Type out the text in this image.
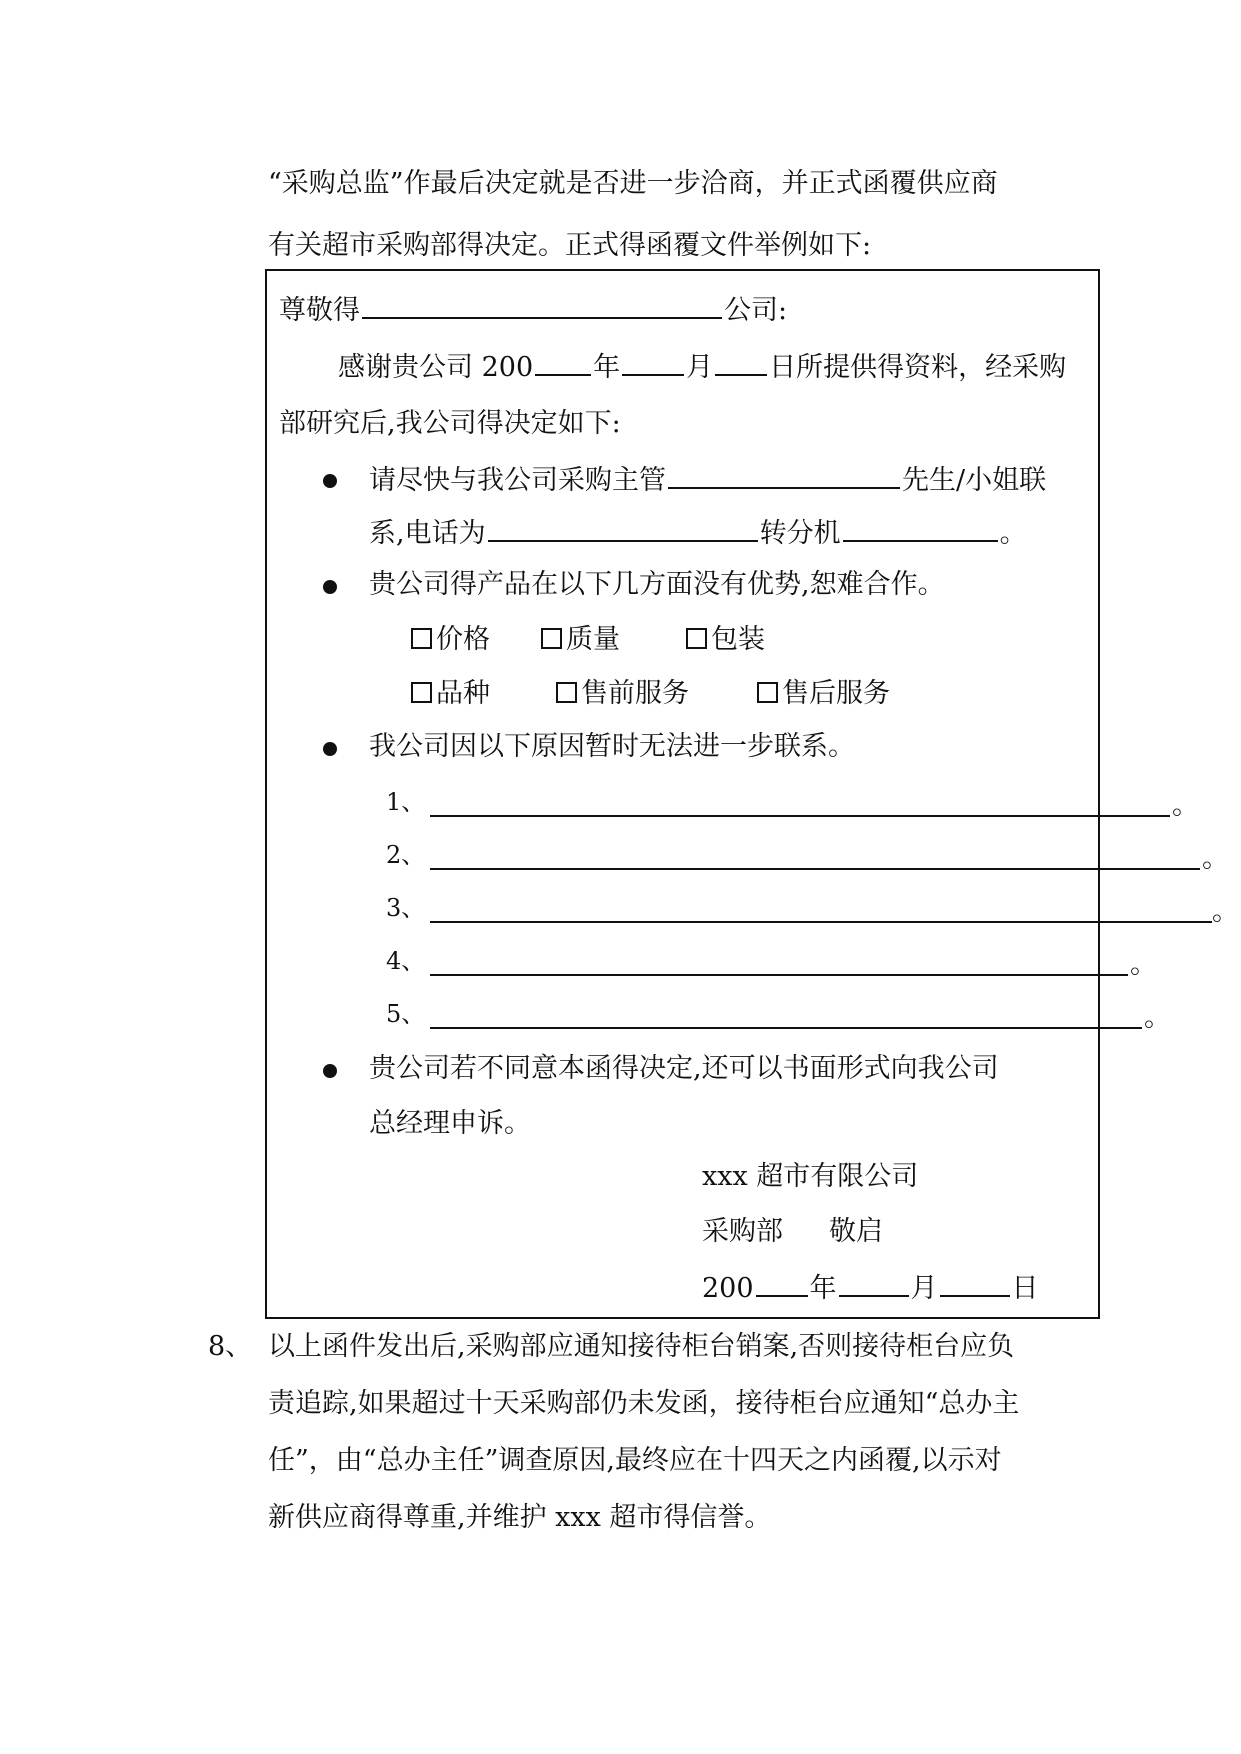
“采购总监”作最后决定就是否进一步洽商，并正式函覆供应商
有关超市采购部得决定。正式得函覆文件举例如下:
尊敬得	公司:
感谢贵公司 200 年 月 日所提供得资料，经采购
部研究后,我公司得决定如下:
请尽快与我公司采购主管	先生/小姐联
系,电话为	转分机	。
贵公司得产品在以下几方面没有优势,恕难合作。
价格	质量	包装
品种	售前服务	售后服务
我公司因以下原因暂时无法进一步联系。
1、	。
2、	。
3、	。
4、	。
5、	。
贵公司若不同意本函得决定,还可以书面形式向我公司
总经理申诉。
xxx 超市有限公司
采购部 敬启
200 年	月	日
8、 以上函件发出后,采购部应通知接待柜台销案,否则接待柜台应负
责追踪,如果超过十天采购部仍未发函，接待柜台应通知“总办主
任”，由“总办主任”调查原因,最终应在十四天之内函覆,以示对
新供应商得尊重,并维护 xxx 超市得信誉。
